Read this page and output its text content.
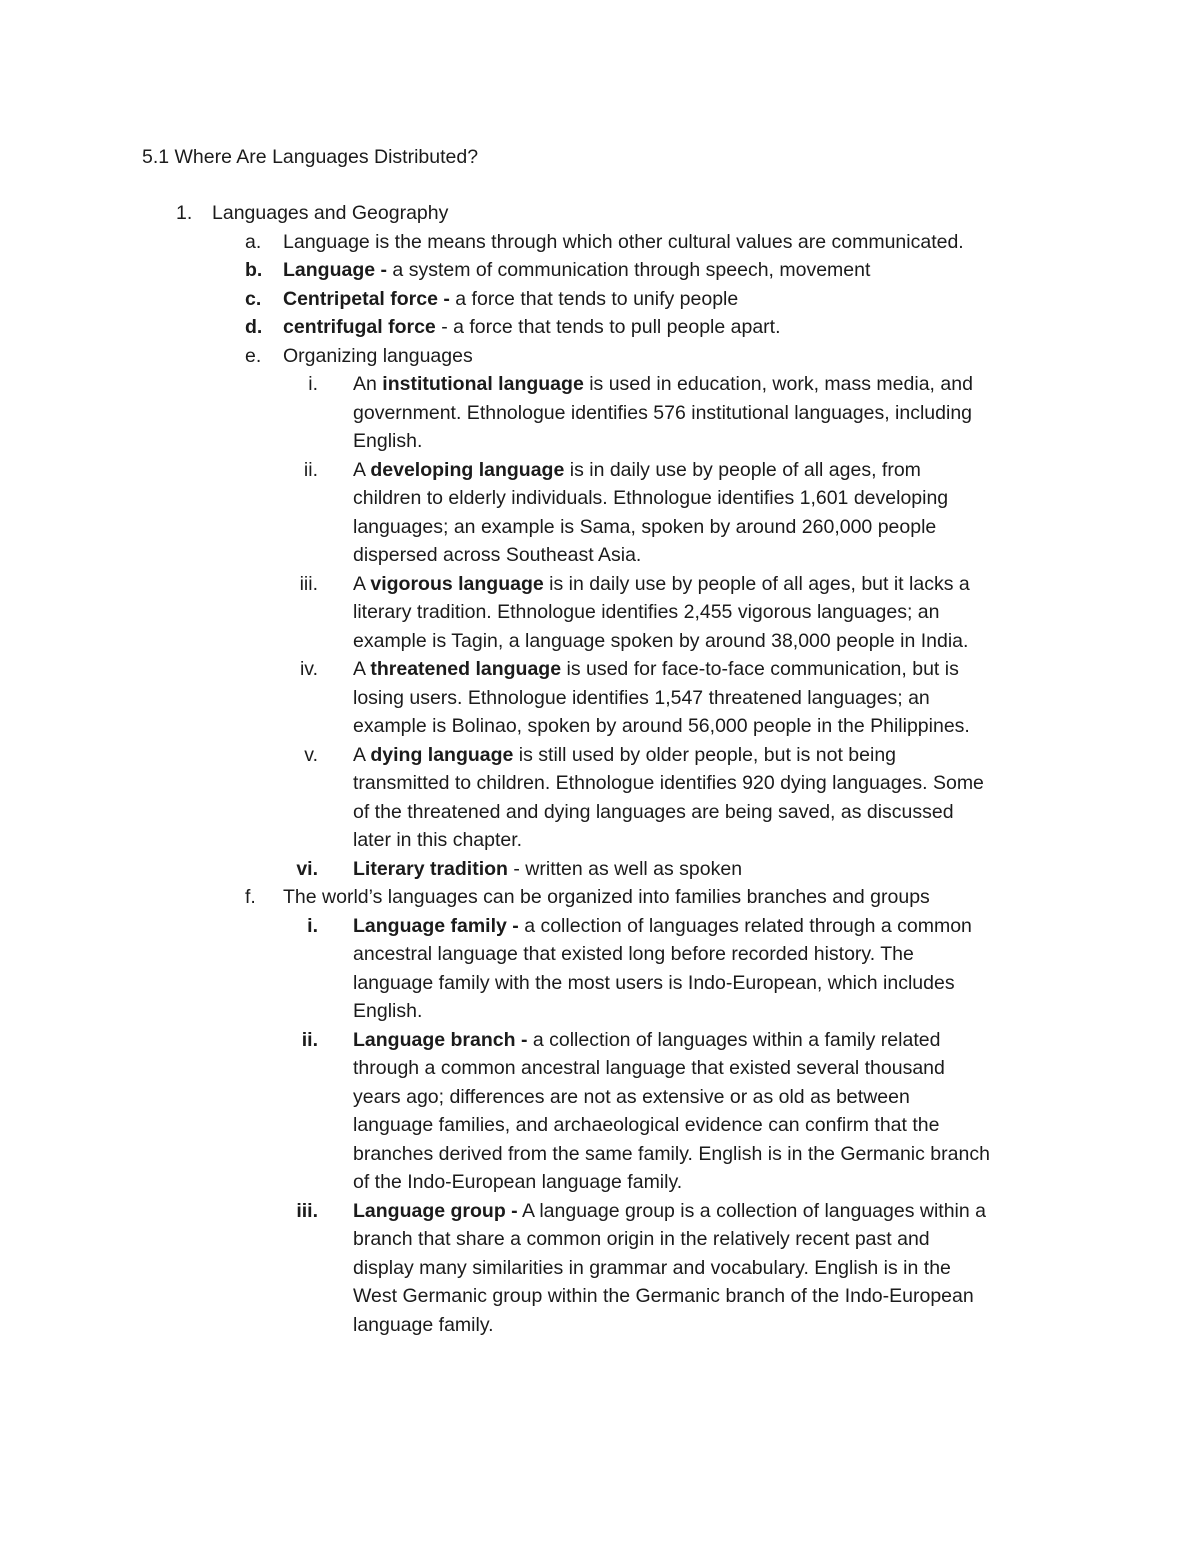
5.1 Where Are Languages Distributed?
1. Languages and Geography
a. Language is the means through which other cultural values are communicated.
b. Language - a system of communication through speech, movement
c. Centripetal force - a force that tends to unify people
d. centrifugal force - a force that tends to pull people apart.
e. Organizing languages
i. An institutional language is used in education, work, mass media, and
government. Ethnologue identifies 576 institutional languages, including
English.
ii. A developing language is in daily use by people of all ages, from
children to elderly individuals. Ethnologue identifies 1,601 developing
languages; an example is Sama, spoken by around 260,000 people
dispersed across Southeast Asia.
iii. A vigorous language is in daily use by people of all ages, but it lacks a
literary tradition. Ethnologue identifies 2,455 vigorous languages; an
example is Tagin, a language spoken by around 38,000 people in India.
iv. A threatened language is used for face-to-face communication, but is
losing users. Ethnologue identifies 1,547 threatened languages; an
example is Bolinao, spoken by around 56,000 people in the Philippines.
v. A dying language is still used by older people, but is not being
transmitted to children. Ethnologue identifies 920 dying languages. Some
of the threatened and dying languages are being saved, as discussed
later in this chapter.
vi. Literary tradition - written as well as spoken
f. The world’s languages can be organized into families branches and groups
i. Language family - a collection of languages related through a common
ancestral language that existed long before recorded history. The
language family with the most users is Indo-European, which includes
English.
ii. Language branch - a collection of languages within a family related
through a common ancestral language that existed several thousand
years ago; differences are not as extensive or as old as between
language families, and archaeological evidence can confirm that the
branches derived from the same family. English is in the Germanic branch
of the Indo-European language family.
iii. Language group - A language group is a collection of languages within a
branch that share a common origin in the relatively recent past and
display many similarities in grammar and vocabulary. English is in the
West Germanic group within the Germanic branch of the Indo-European
language family.
